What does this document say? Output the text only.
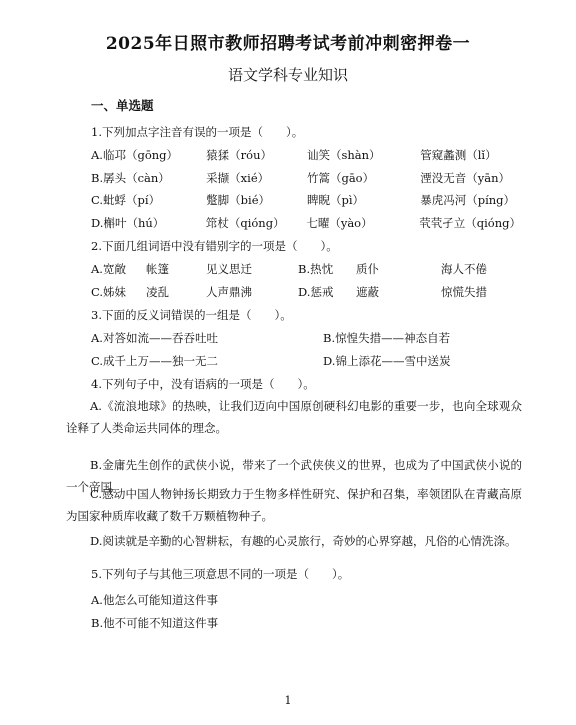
2025年日照市教师招聘考试考前冲刺密押卷一
语文学科专业知识
一、单选题
1.下列加点字注音有误的一项是（　　）。
A.临邛（gōng）	猿猱（róu）	讪笑（shàn）	管窥蠡测（lǐ）
B.孱头（càn）	采撷（xié）	竹篙（gāo）	湮没无音（yān）
C.蚍蜉（pí）	蹩脚（bié）	睥睨（pì）	暴虎冯河（píng）
D.槲叶（hú）	筇杖（qióng）	七曜（yào）	茕茕孑立（qióng）
2.下面几组词语中没有错别字的一项是（　　）。
A.宽敞	帐篷	见义思迁	B.热忱	质仆	海人不倦
C.姊妹	凌乱	人声鼎沸	D.惩戒	遮蔽	惊慌失措
3.下面的反义词错误的一组是（　　）。
A.对答如流——吞吞吐吐	B.惊惶失措——神态自若
C.成千上万——独一无二	D.锦上添花——雪中送炭
4.下列句子中，没有语病的一项是（　　）。
A.《流浪地球》的热映，让我们迈向中国原创硬科幻电影的重要一步，也向全球观众诠释了人类命运共同体的理念。
B.金庸先生创作的武侠小说，带来了一个武侠侠义的世界，也成为了中国武侠小说的一个帝国。
C.感动中国人物钟扬长期致力于生物多样性研究、保护和召集，率领团队在青藏高原为国家种质库收藏了数千万颗植物种子。
D.阅读就是辛勤的心智耕耘，有趣的心灵旅行，奇妙的心界穿越，凡俗的心情洗涤。
5.下列句子与其他三项意思不同的一项是（　　）。
A.他怎么可能知道这件事
B.他不可能不知道这件事
1
